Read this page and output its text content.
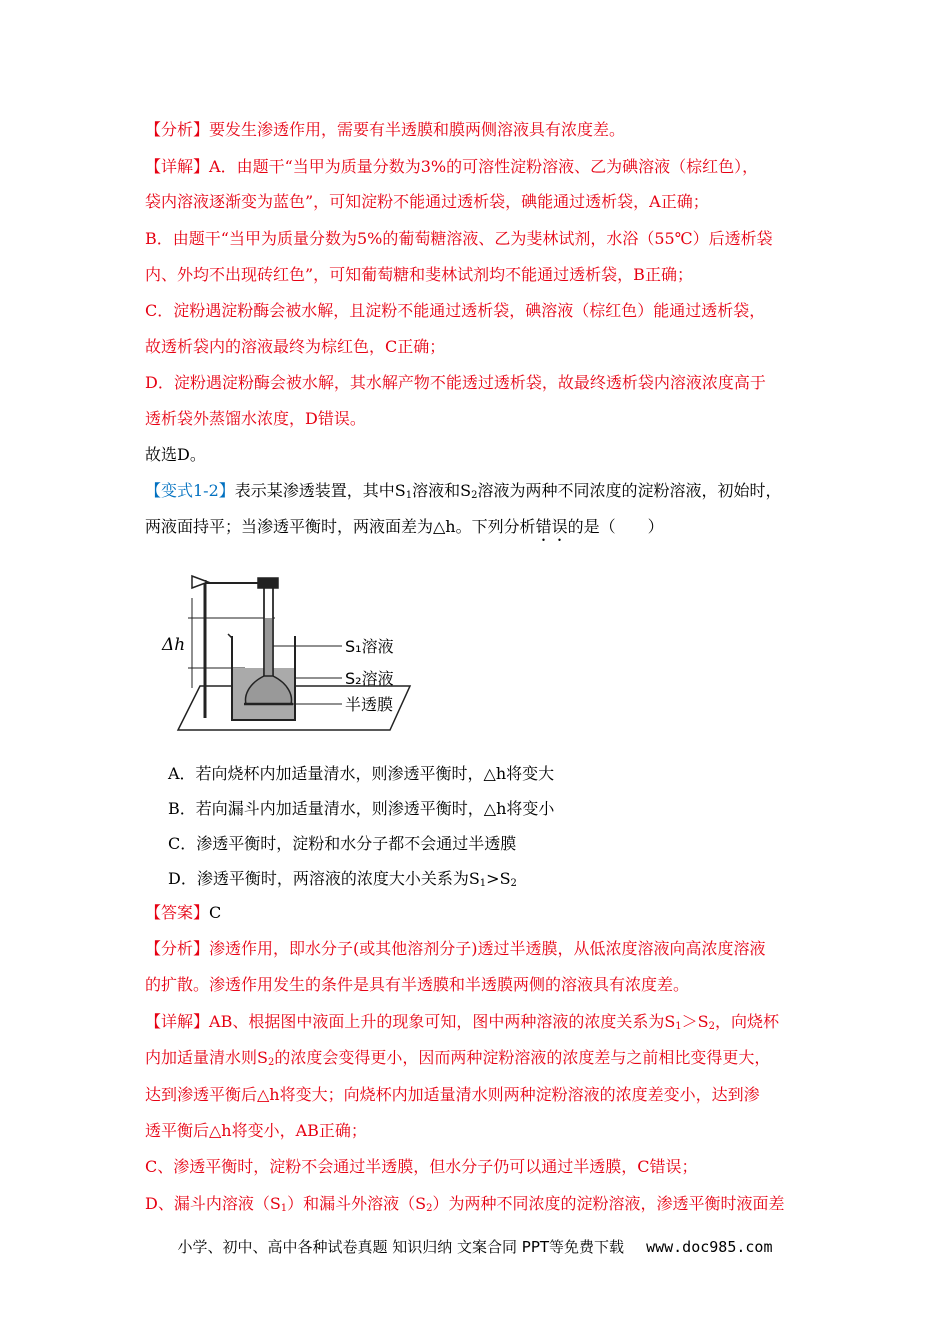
【分析】要发生渗透作用，需要有半透膜和膜两侧溶液具有浓度差。
【详解】A．由题干“当甲为质量分数为3%的可溶性淀粉溶液、乙为碘溶液（棕红色），
袋内溶液逐渐变为蓝色”，可知淀粉不能通过透析袋，碘能通过透析袋，A正确；
B．由题干“当甲为质量分数为5%的葡萄糖溶液、乙为斐林试剂，水浴（55℃）后透析袋
内、外均不出现砖红色”，可知葡萄糖和斐林试剂均不能通过透析袋，B正确；
C．淀粉遇淀粉酶会被水解，且淀粉不能通过透析袋，碘溶液（棕红色）能通过透析袋，
故透析袋内的溶液最终为棕红色，C正确；
D．淀粉遇淀粉酶会被水解，其水解产物不能透过透析袋，故最终透析袋内溶液浓度高于
透析袋外蒸馏水浓度，D错误。
故选D。
【变式1-2】表示某渗透装置，其中$S_1$溶液和$S_2$溶液为两种不同浓度的淀粉溶液，初始时，
两液面持平；当渗透平衡时，两液面差为△h。下列分析错误的是（　　）
Δh	S₁溶液
S₂溶液
半透膜
A．若向烧杯内加适量清水，则渗透平衡时，△h将变大
B．若向漏斗内加适量清水，则渗透平衡时，△h将变小
C．渗透平衡时，淀粉和水分子都不会通过半透膜
D．渗透平衡时，两溶液的浓度大小关系为$S_1>S_2$
【答案】C
【分析】渗透作用，即水分子(或其他溶剂分子)透过半透膜，从低浓度溶液向高浓度溶液
的扩散。渗透作用发生的条件是具有半透膜和半透膜两侧的溶液具有浓度差。
【详解】AB、根据图中液面上升的现象可知，图中两种溶液的浓度关系为$S_1>S_2$，向烧杯
内加适量清水则$S_2$的浓度会变得更小，因而两种淀粉溶液的浓度差与之前相比变得更大，
达到渗透平衡后△h将变大；向烧杯内加适量清水则两种淀粉溶液的浓度差变小，达到渗
透平衡后△h将变小，AB正确；
C、渗透平衡时，淀粉不会通过半透膜，但水分子仍可以通过半透膜，C错误；
D、漏斗内溶液$(S_1)$和漏斗外溶液$(S_2)$为两种不同浓度的淀粉溶液，渗透平衡时液面差
小学、初中、高中各种试卷真题 知识归纳 文案合同 PPT等免费下载 www.doc985.com
